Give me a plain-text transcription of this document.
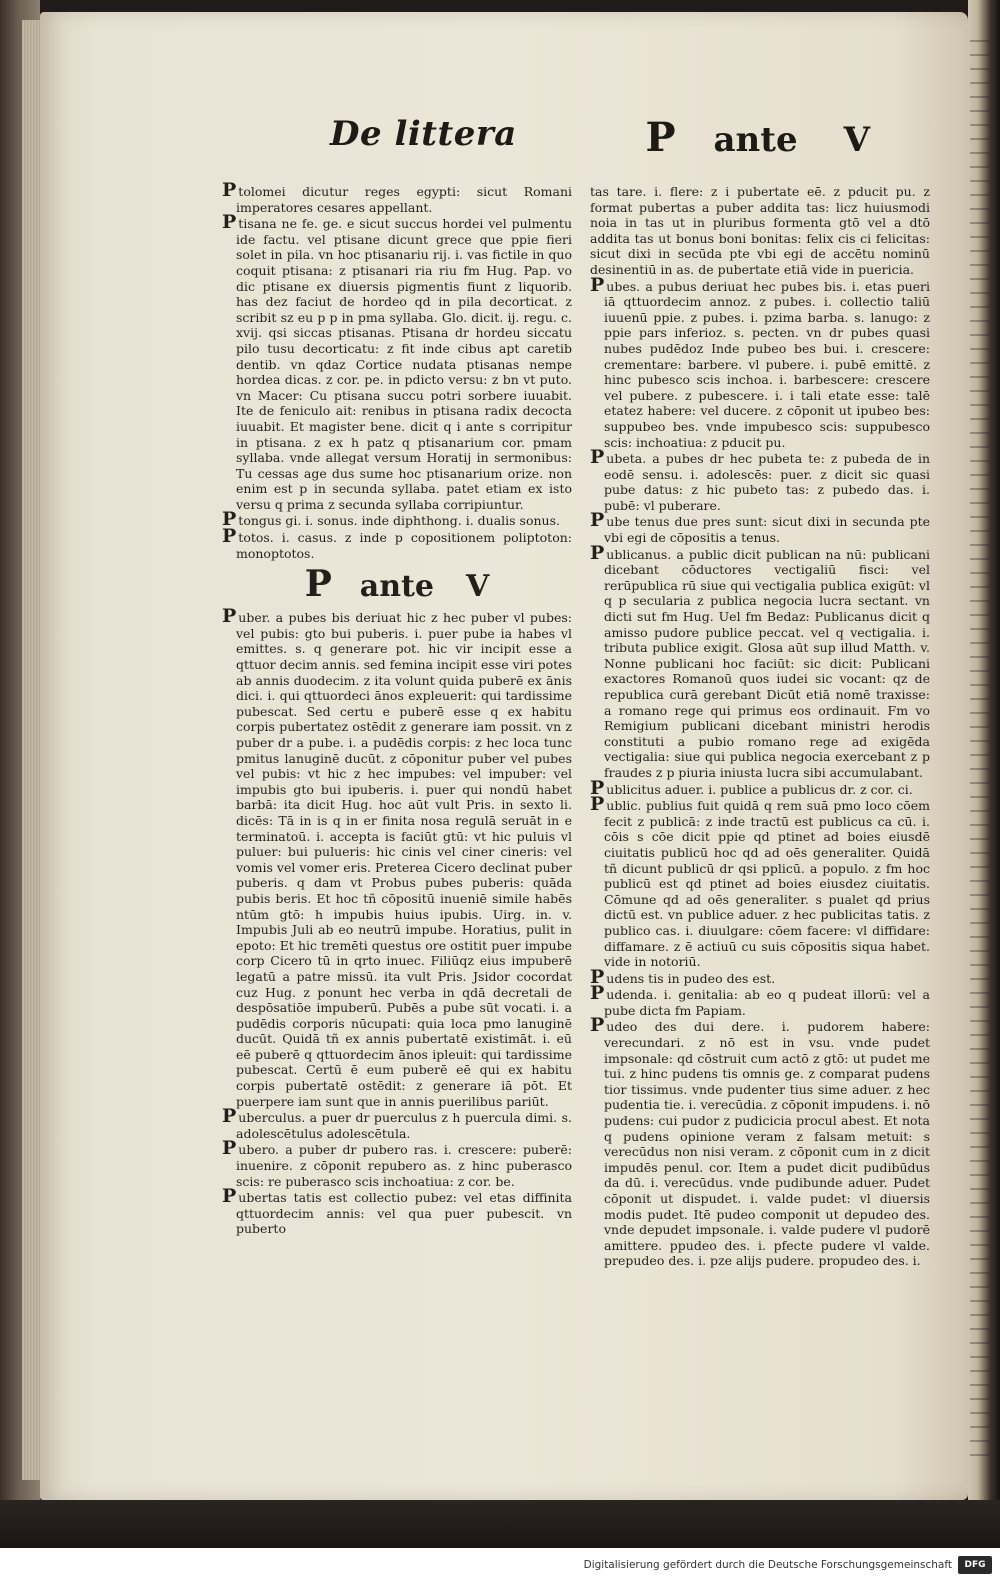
De littera	P ante V

Ptolomei dicutur reges egypti: sicut Romani imperatores cesares appellant.

Ptisana ne fe. ge. e sicut succus hordei vel pulmentu ide factu. vel ptisane dicunt grece que ppie fieri solet in pila. vn hoc ptisanariu rij. i. vas fictile in quo coquit ptisana: z ptisanari ria riu fm Hug. Pap. vo dic ptisane ex diuersis pigmentis fiunt z liquorib. has dez faciut de hordeo qd in pila decorticat. z scribit sz eu p p in pma syllaba. Glo. dicit. ij. regu. c. xvij. qsi siccas ptisanas. Ptisana dr hordeu siccatu pilo tusu decorticatu: z fit inde cibus apt caretib dentib. vn qdaz Cortice nudata ptisanas nempe hordea dicas. z cor. pe. in pdicto versu: z bn vt puto. vn Macer: Cu ptisana succu potri sorbere iuuabit. Ite de feniculo ait: renibus in ptisana radix decocta iuuabit. Et magister bene. dicit q i ante s corripitur in ptisana. z ex h patz q ptisanarium cor. pmam syllaba. vnde allegat versum Horatij in sermonibus: Tu cessas age dus sume hoc ptisanarium orize. non enim est p in secunda syllaba. patet etiam ex isto versu q prima z secunda syllaba corripiuntur.

Ptongus gi. i. sonus. inde diphthong. i. dualis sonus.

Ptotos. i. casus. z inde p copositionem poliptoton: monoptotos.

P ante V

Puber. a pubes bis deriuat hic z hec puber vl pubes: vel pubis: gto bui puberis. i. puer pube ia habes vl emittes. s. q generare pot. hic vir incipit esse a qttuor decim annis. sed femina incipit esse viri potes ab annis duodecim. z ita volunt quida puberē ex ānis dici. i. qui qttuordeci ānos expleuerit: qui tardissime pubescat. Sed certu e puberē esse q ex habitu corpis pubertatez ostēdit z generare iam possit. vn z puber dr a pube. i. a pudēdis corpis: z hec loca tunc pmitus lanuginē ducūt. z cōponitur puber vel pubes vel pubis: vt hic z hec impubes: vel impuber: vel impubis gto bui ipuberis. i. puer qui nondū habet barbā: ita dicit Hug. hoc aūt vult Pris. in sexto li. dicēs: Tā in is q in er finita nosa regulā seruāt in e terminatoū. i. accepta is faciūt gtū: vt hic puluis vl puluer: bui pulueris: hic cinis vel ciner cineris: vel vomis vel vomer eris. Preterea Cicero declinat puber puberis. q dam vt Probus pubes puberis: quāda pubis beris. Et hoc tñ cōpositū inueniē simile habēs ntūm gtō: h impubis huius ipubis. Uirg. in. v. Impubis Juli ab eo neutrū impube. Horatius, pulit in epoto: Et hic tremēti questus ore ostitit puer impube corp Cicero tū in qrto inuec. Filiūqz eius impuberē legatū a patre missū. ita vult Pris. Jsidor cocordat cuz Hug. z ponunt hec verba in qdā decretali de despōsatiōe impuberū. Pubēs a pube sūt vocati. i. a pudēdis corporis nūcupati: quia loca pmo lanuginē ducūt. Quidā tñ ex annis pubertatē existimāt. i. eū eē puberē q qttuordecim ānos ipleuit: qui tardissime pubescat. Certū ē eum puberē eē qui ex habitu corpis pubertatē ostēdit: z generare iā pōt. Et puerpere iam sunt que in annis puerilibus pariūt.

Puberculus. a puer dr puerculus z h puercula dimi. s. adolescētulus adolescētula.

Pubero. a puber dr pubero ras. i. crescere: puberē: inuenire. z cōponit repubero as. z hinc puberasco scis: re puberasco scis inchoatiua: z cor. be.

Pubertas tatis est collectio pubez: vel etas diffinita qttuordecim annis: vel qua puer pubescit. vn puberto

tas tare. i. flere: z i pubertate eē. z pducit pu. z format pubertas a puber addita tas: licz huiusmodi noia in tas ut in pluribus formenta gtō vel a dtō addita tas ut bonus boni bonitas: felix cis ci felicitas: sicut dixi in secūda pte vbi egi de accētu nominū desinentiū in as. de pubertate etiā vide in puericia.

Pubes. a pubus deriuat hec pubes bis. i. etas pueri iā qttuordecim annoz. z pubes. i. collectio taliū iuuenū ppie. z pubes. i. pzima barba. s. lanugo: z ppie pars inferioz. s. pecten. vn dr pubes quasi nubes pudēdoz Inde pubeo bes bui. i. crescere: crementare: barbere. vl pubere. i. pubē emittē. z hinc pubesco scis inchoa. i. barbescere: crescere vel pubere. z pubescere. i. i tali etate esse: talē etatez habere: vel ducere. z cōponit ut ipubeo bes: suppubeo bes. vnde impubesco scis: suppubesco scis: inchoatiua: z pducit pu.

Pubeta. a pubes dr hec pubeta te: z pubeda de in eodē sensu. i. adolescēs: puer. z dicit sic quasi pube datus: z hic pubeto tas: z pubedo das. i. pubē: vl puberare.

Pube tenus due pres sunt: sicut dixi in secunda pte vbi egi de cōpositis a tenus.

Publicanus. a public dicit publican na nū: publicani dicebant cōductores vectigaliū fisci: vel rerūpublica rū siue qui vectigalia publica exigūt: vl q p secularia z publica negocia lucra sectant. vn dicti sut fm Hug. Uel fm Bedaz: Publicanus dicit q amisso pudore publice peccat. vel q vectigalia. i. tributa publice exigit. Glosa aūt sup illud Matth. v. Nonne publicani hoc faciūt: sic dicit: Publicani exactores Romanoū quos iudei sic vocant: qz de republica curā gerebant Dicūt etiā nomē traxisse: a romano rege qui primus eos ordinauit. Fm vo Remigium publicani dicebant ministri herodis constituti a pubio romano rege ad exigēda vectigalia: siue qui publica negocia exercebant z p fraudes z p piuria iniusta lucra sibi accumulabant.

Publicitus aduer. i. publice a publicus dr. z cor. ci.

Public. publius fuit quidā q rem suā pmo loco cōem fecit z publicā: z inde tractū est publicus ca cū. i. cōis s cōe dicit ppie qd ptinet ad boies eiusdē ciuitatis publicū hoc qd ad oēs generaliter. Quidā tñ dicunt publicū dr qsi pplicū. a populo. z fm hoc publicū est qd ptinet ad boies eiusdez ciuitatis. Cōmune qd ad oēs generaliter. s pualet qd prius dictū est. vn publice aduer. z hec publicitas tatis. z publico cas. i. diuulgare: cōem facere: vl diffidare: diffamare. z ē actiuū cu suis cōpositis siqua habet. vide in notoriū.

Pudens tis in pudeo des est.

Pudenda. i. genitalia: ab eo q pudeat illorū: vel a pube dicta fm Papiam.

Pudeo des dui dere. i. pudorem habere: verecundari. z nō est in vsu. vnde pudet impsonale: qd cōstruit cum actō z gtō: ut pudet me tui. z hinc pudens tis omnis ge. z comparat pudens tior tissimus. vnde pudenter tius sime aduer. z hec pudentia tie. i. verecūdia. z cōponit impudens. i. nō pudens: cui pudor z pudicicia procul abest. Et nota q pudens opinione veram z falsam metuit: s verecūdus non nisi veram. z cōponit cum in z dicit impudēs penul. cor. Item a pudet dicit pudibūdus da dū. i. verecūdus. vnde pudibunde aduer. Pudet cōponit ut dispudet. i. valde pudet: vl diuersis modis pudet. Itē pudeo componit ut depudeo des. vnde depudet impsonale. i. valde pudere vl pudorē amittere. ppudeo des. i. pfecte pudere vl valde. prepudeo des. i. pze alijs pudere. propudeo des. i.

Digitalisierung gefördert durch die Deutsche Forschungsgemeinschaft	DFG
